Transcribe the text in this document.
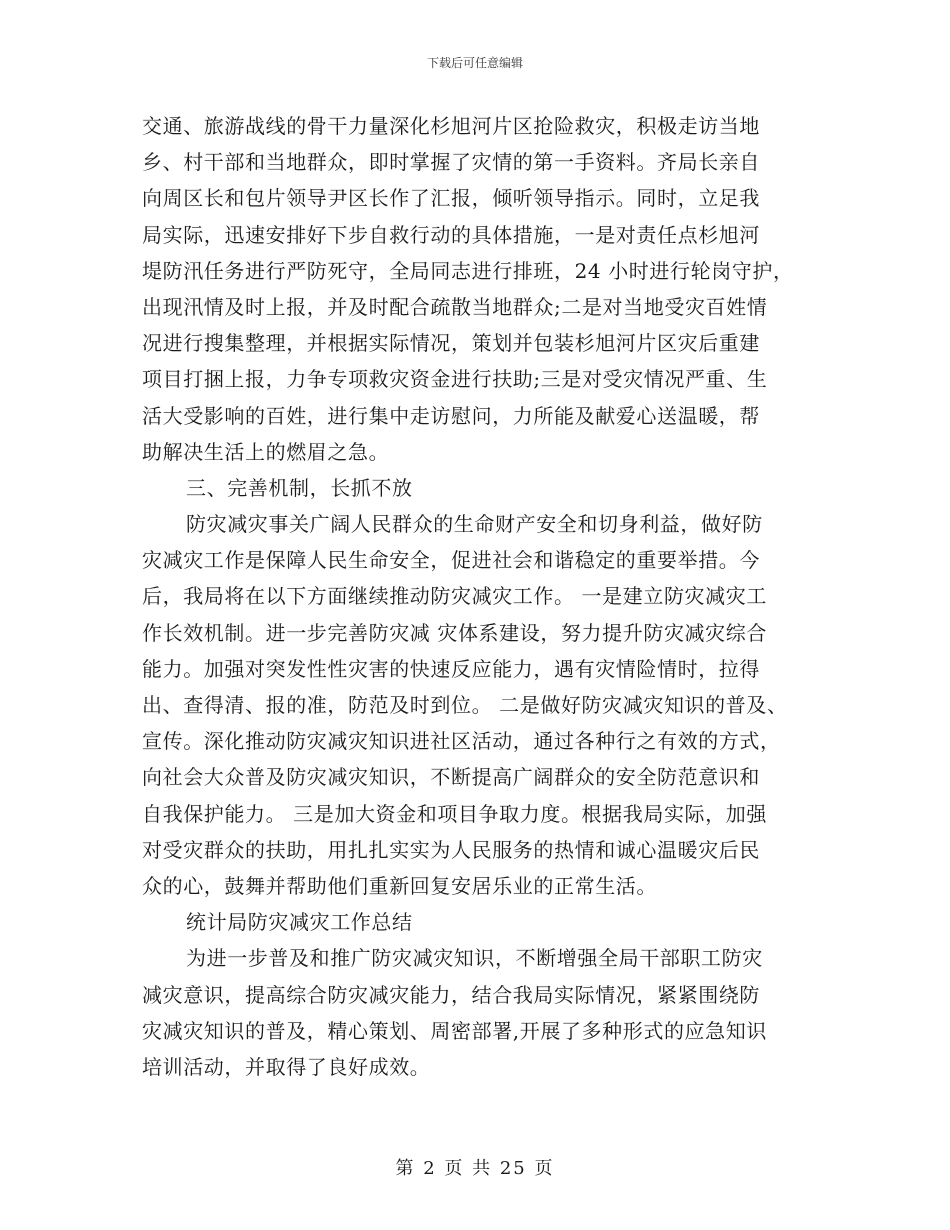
下载后可任意编辑
交通、旅游战线的骨干力量深化杉旭河片区抢险救灾，积极走访当地
乡、村干部和当地群众，即时掌握了灾情的第一手资料。齐局长亲自
向周区长和包片领导尹区长作了汇报，倾听领导指示。同时，立足我
局实际，迅速安排好下步自救行动的具体措施，一是对责任点杉旭河
堤防汛任务进行严防死守，全局同志进行排班，24 小时进行轮岗守护，
出现汛情及时上报，并及时配合疏散当地群众;二是对当地受灾百姓情
况进行搜集整理，并根据实际情况，策划并包装杉旭河片区灾后重建
项目打捆上报，力争专项救灾资金进行扶助;三是对受灾情况严重、生
活大受影响的百姓，进行集中走访慰问，力所能及献爱心送温暖，帮
助解决生活上的燃眉之急。
三、完善机制，长抓不放
防灾减灾事关广阔人民群众的生命财产安全和切身利益，做好防
灾减灾工作是保障人民生命安全，促进社会和谐稳定的重要举措。今
后，我局将在以下方面继续推动防灾减灾工作。 一是建立防灾减灾工
作长效机制。进一步完善防灾减 灾体系建设，努力提升防灾减灾综合
能力。加强对突发性性灾害的快速反应能力，遇有灾情险情时，拉得
出、查得清、报的准，防范及时到位。 二是做好防灾减灾知识的普及、
宣传。深化推动防灾减灾知识进社区活动，通过各种行之有效的方式，
向社会大众普及防灾减灾知识，不断提高广阔群众的安全防范意识和
自我保护能力。 三是加大资金和项目争取力度。根据我局实际，加强
对受灾群众的扶助，用扎扎实实为人民服务的热情和诚心温暖灾后民
众的心，鼓舞并帮助他们重新回复安居乐业的正常生活。
统计局防灾减灾工作总结
为进一步普及和推广防灾减灾知识，不断增强全局干部职工防灾
减灾意识，提高综合防灾减灾能力，结合我局实际情况，紧紧围绕防
灾减灾知识的普及，精心策划、周密部署,开展了多种形式的应急知识
培训活动，并取得了良好成效。
第 2 页 共 25 页
